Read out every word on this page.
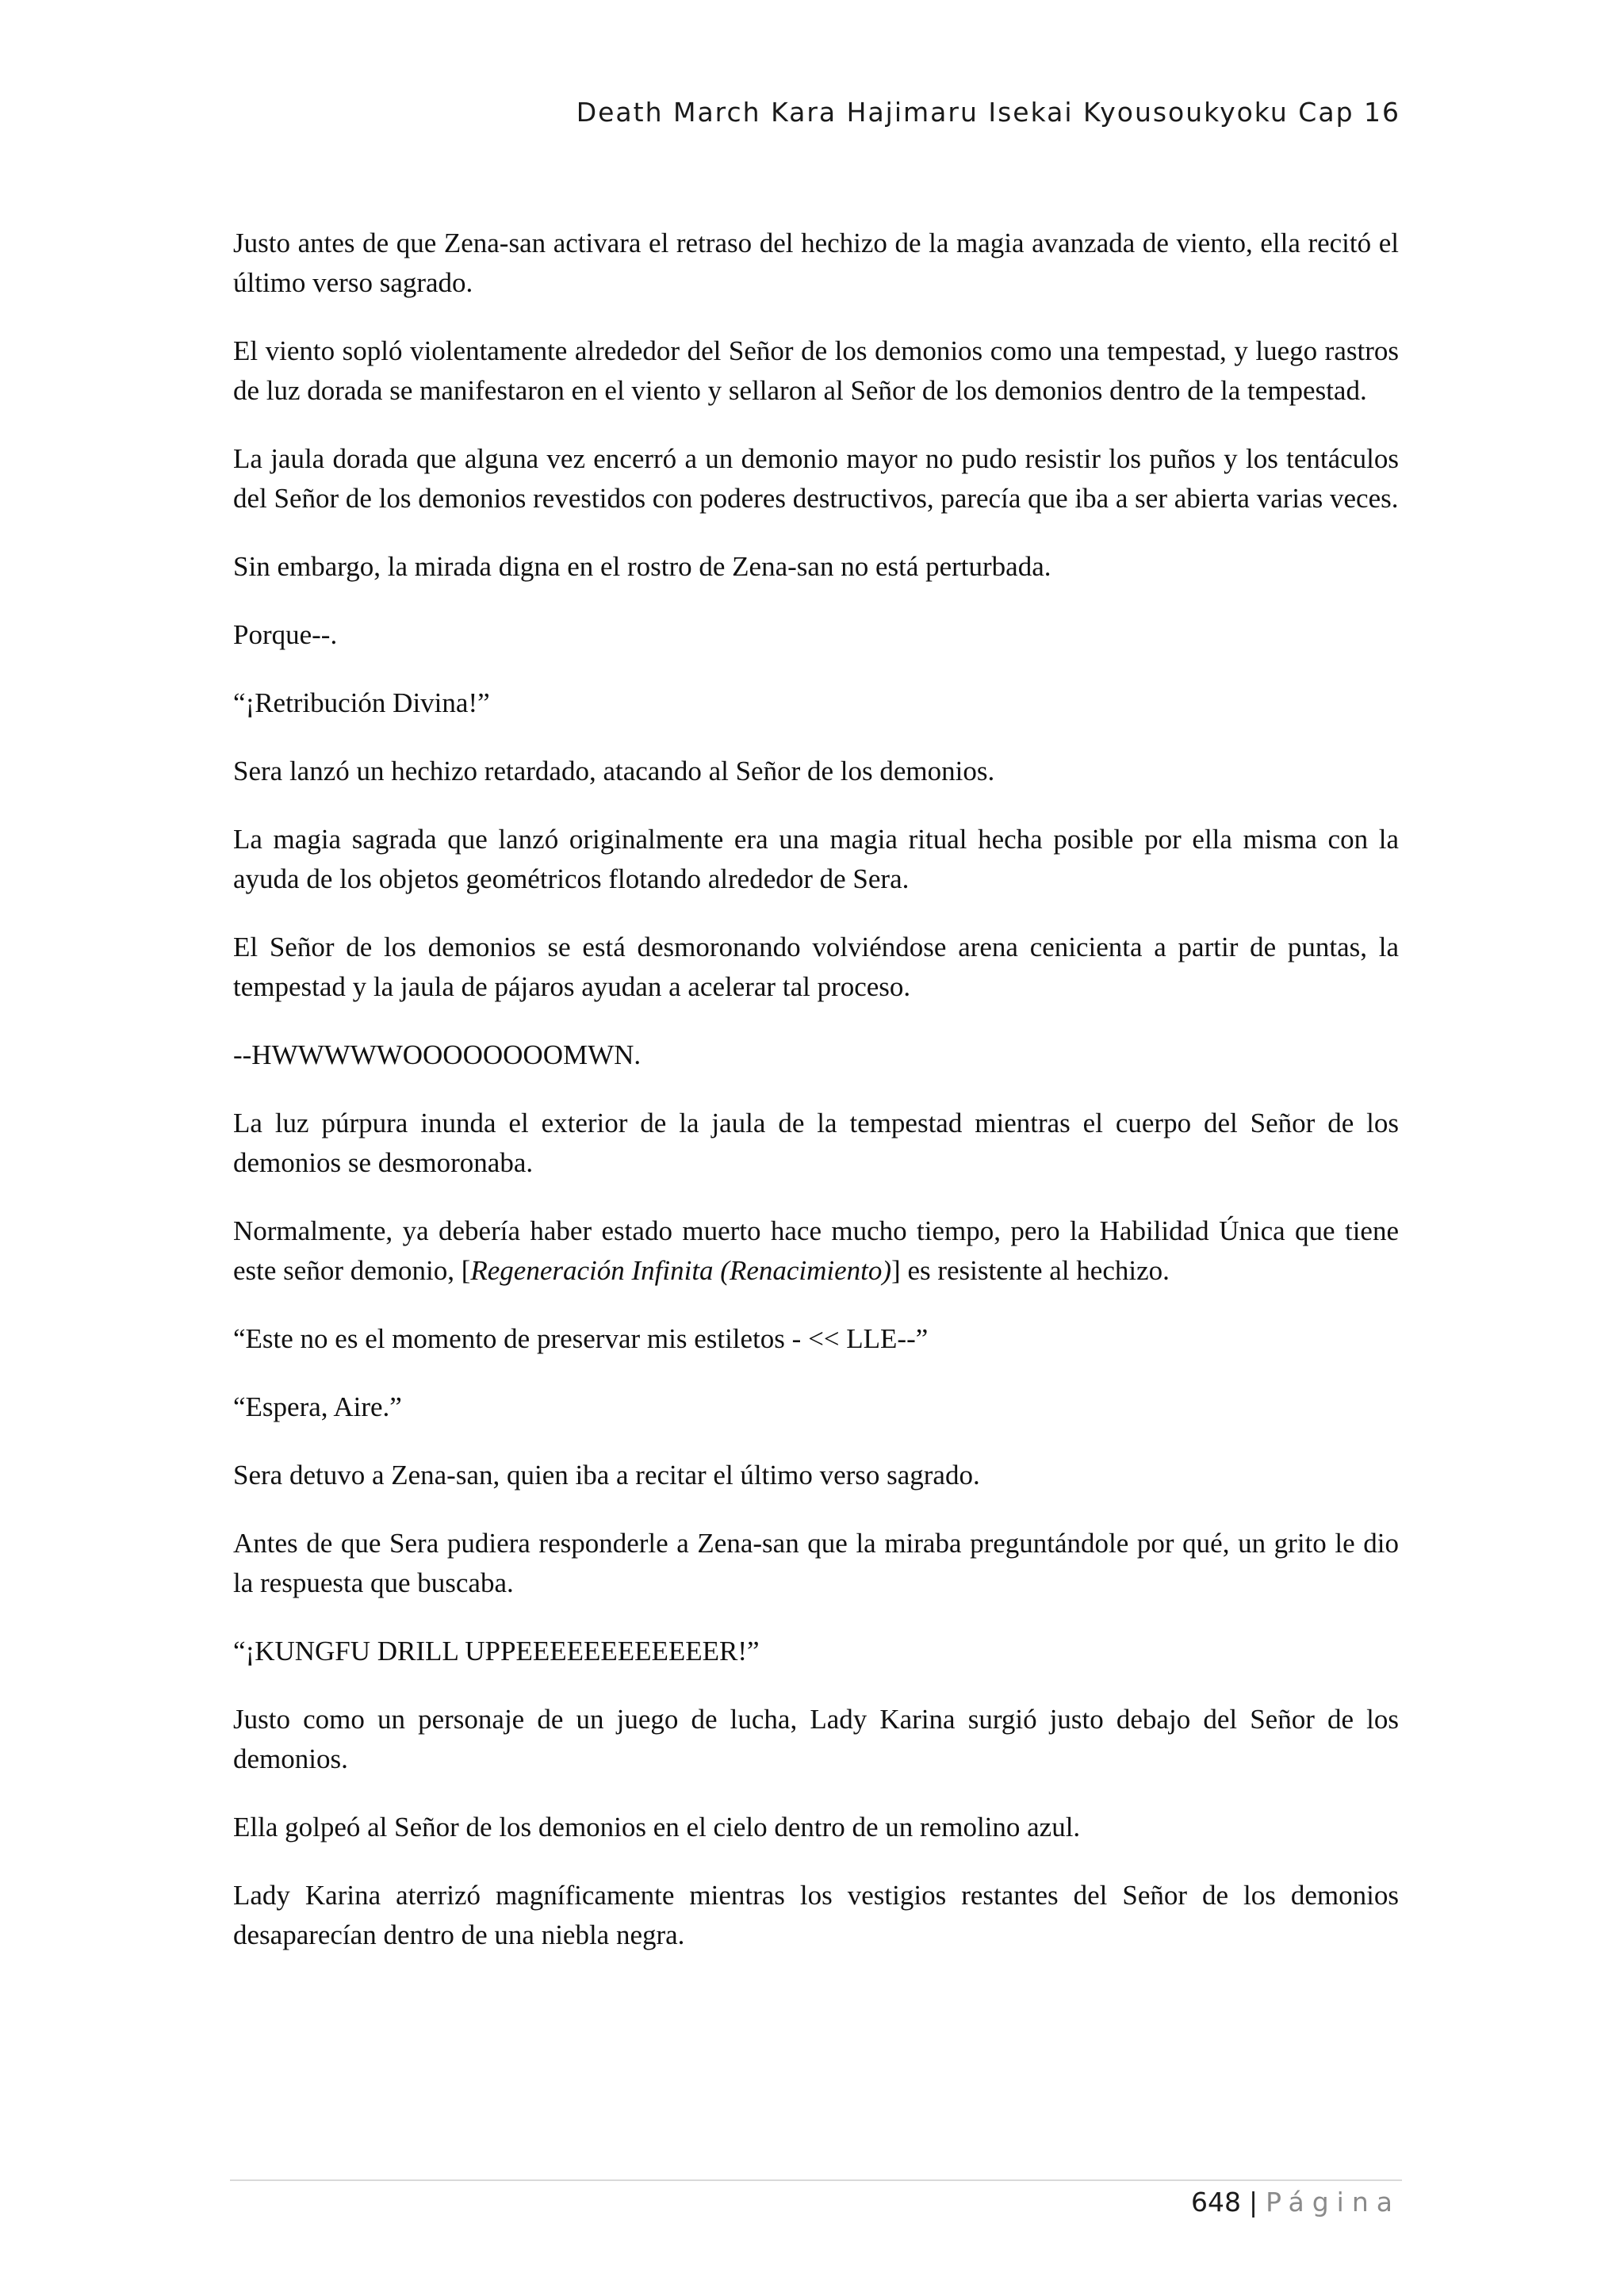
Death March Kara Hajimaru Isekai Kyousoukyoku Cap 16

Justo antes de que Zena-san activara el retraso del hechizo de la magia avanzada de viento, ella recitó el último verso sagrado.

El viento sopló violentamente alrededor del Señor de los demonios como una tempestad, y luego rastros de luz dorada se manifestaron en el viento y sellaron al Señor de los demonios dentro de la tempestad.

La jaula dorada que alguna vez encerró a un demonio mayor no pudo resistir los puños y los tentáculos del Señor de los demonios revestidos con poderes destructivos, parecía que iba a ser abierta varias veces.

Sin embargo, la mirada digna en el rostro de Zena-san no está perturbada.

Porque--.

“¡Retribución Divina!”

Sera lanzó un hechizo retardado, atacando al Señor de los demonios.

La magia sagrada que lanzó originalmente era una magia ritual hecha posible por ella misma con la ayuda de los objetos geométricos flotando alrededor de Sera.

El Señor de los demonios se está desmoronando volviéndose arena cenicienta a partir de puntas, la tempestad y la jaula de pájaros ayudan a acelerar tal proceso.

--HWWWWWOOOOOOOOMWN.

La luz púrpura inunda el exterior de la jaula de la tempestad mientras el cuerpo del Señor de los demonios se desmoronaba.

Normalmente, ya debería haber estado muerto hace mucho tiempo, pero la Habilidad Única que tiene este señor demonio, [Regeneración Infinita (Renacimiento)] es resistente al hechizo.

“Este no es el momento de preservar mis estiletos - << LLE--”

“Espera, Aire.”

Sera detuvo a Zena-san, quien iba a recitar el último verso sagrado.

Antes de que Sera pudiera responderle a Zena-san que la miraba preguntándole por qué, un grito le dio la respuesta que buscaba.

“¡KUNGFU DRILL UPPEEEEEEEEEEEER!”

Justo como un personaje de un juego de lucha, Lady Karina surgió justo debajo del Señor de los demonios.

Ella golpeó al Señor de los demonios en el cielo dentro de un remolino azul.

Lady Karina aterrizó magníficamente mientras los vestigios restantes del Señor de los demonios desaparecían dentro de una niebla negra.

648 | Página
